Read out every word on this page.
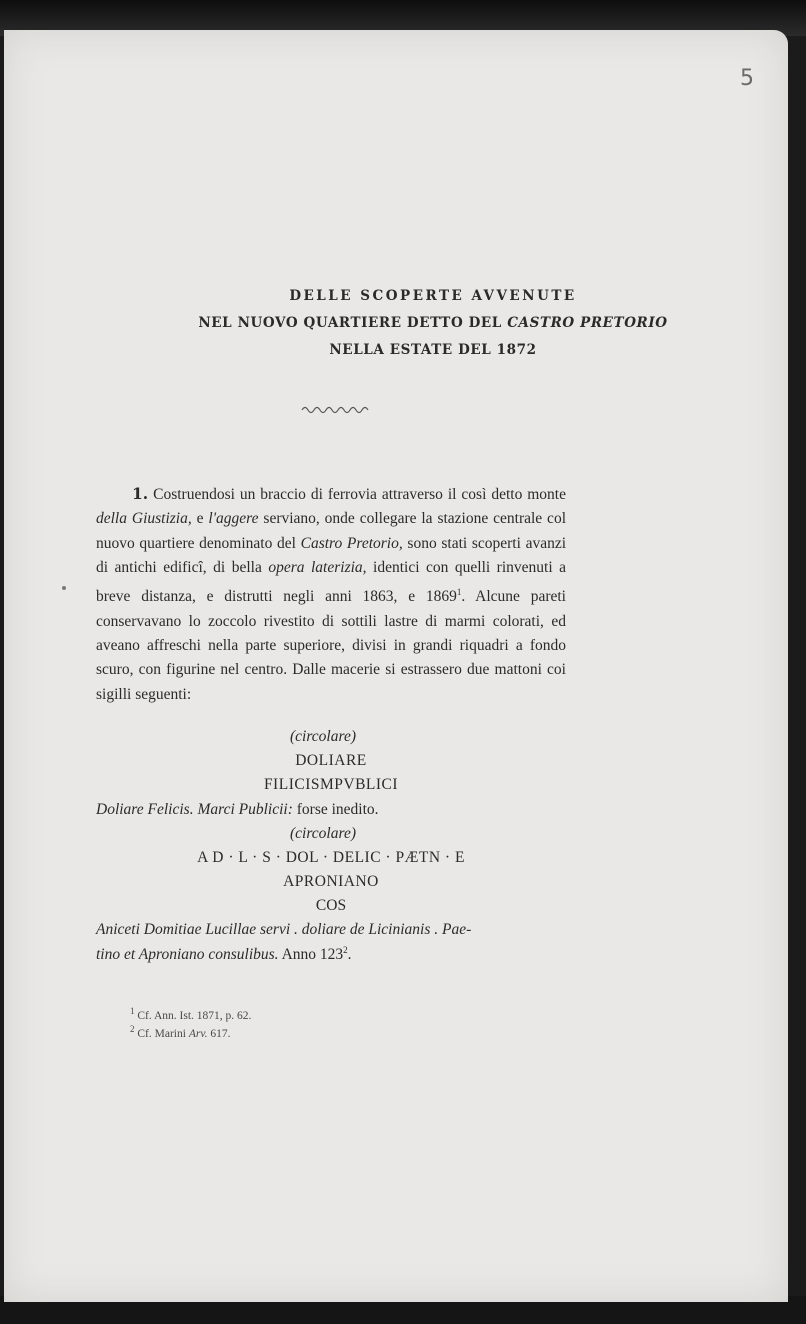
5
DELLE SCOPERTE AVVENUTE
NEL NUOVO QUARTIERE DETTO DEL CASTRO PRETORIO
NELLA ESTATE DEL 1872

1. Costruendosi un braccio di ferrovia attraverso il così detto monte della Giustizia, e l'aggere serviano, onde collegare la stazione centrale col nuovo quartiere denominato del Castro Pretorio, sono stati scoperti avanzi di antichi edificî, di bella opera laterizia, identici con quelli rinvenuti a breve distanza, e distrutti negli anni 1863, e 1869$^1$. Alcune pareti conservavano lo zoccolo rivestito di sottili lastre di marmi colorati, ed aveano affreschi nella parte superiore, divisi in grandi riquadri a fondo scuro, con figurine nel centro. Dalle macerie si estrassero due mattoni coi sigilli seguenti:

(circolare)
DOLIARE
FILICISMPVBLICI
Doliare Felicis. Marci Publicii: forse inedito.
(circolare)
A D · L · S · DOL · DELIC · PÆTN · E
APRONIANO
COS
Aniceti Domitiae Lucillae servi . doliare de Licinianis . Pae-
tino et Aproniano consulibus. Anno $123^2$.
$^1$ Cf. Ann. Ist. 1871, p. 62.
$^2$ Cf. Marini Arv. 617.
